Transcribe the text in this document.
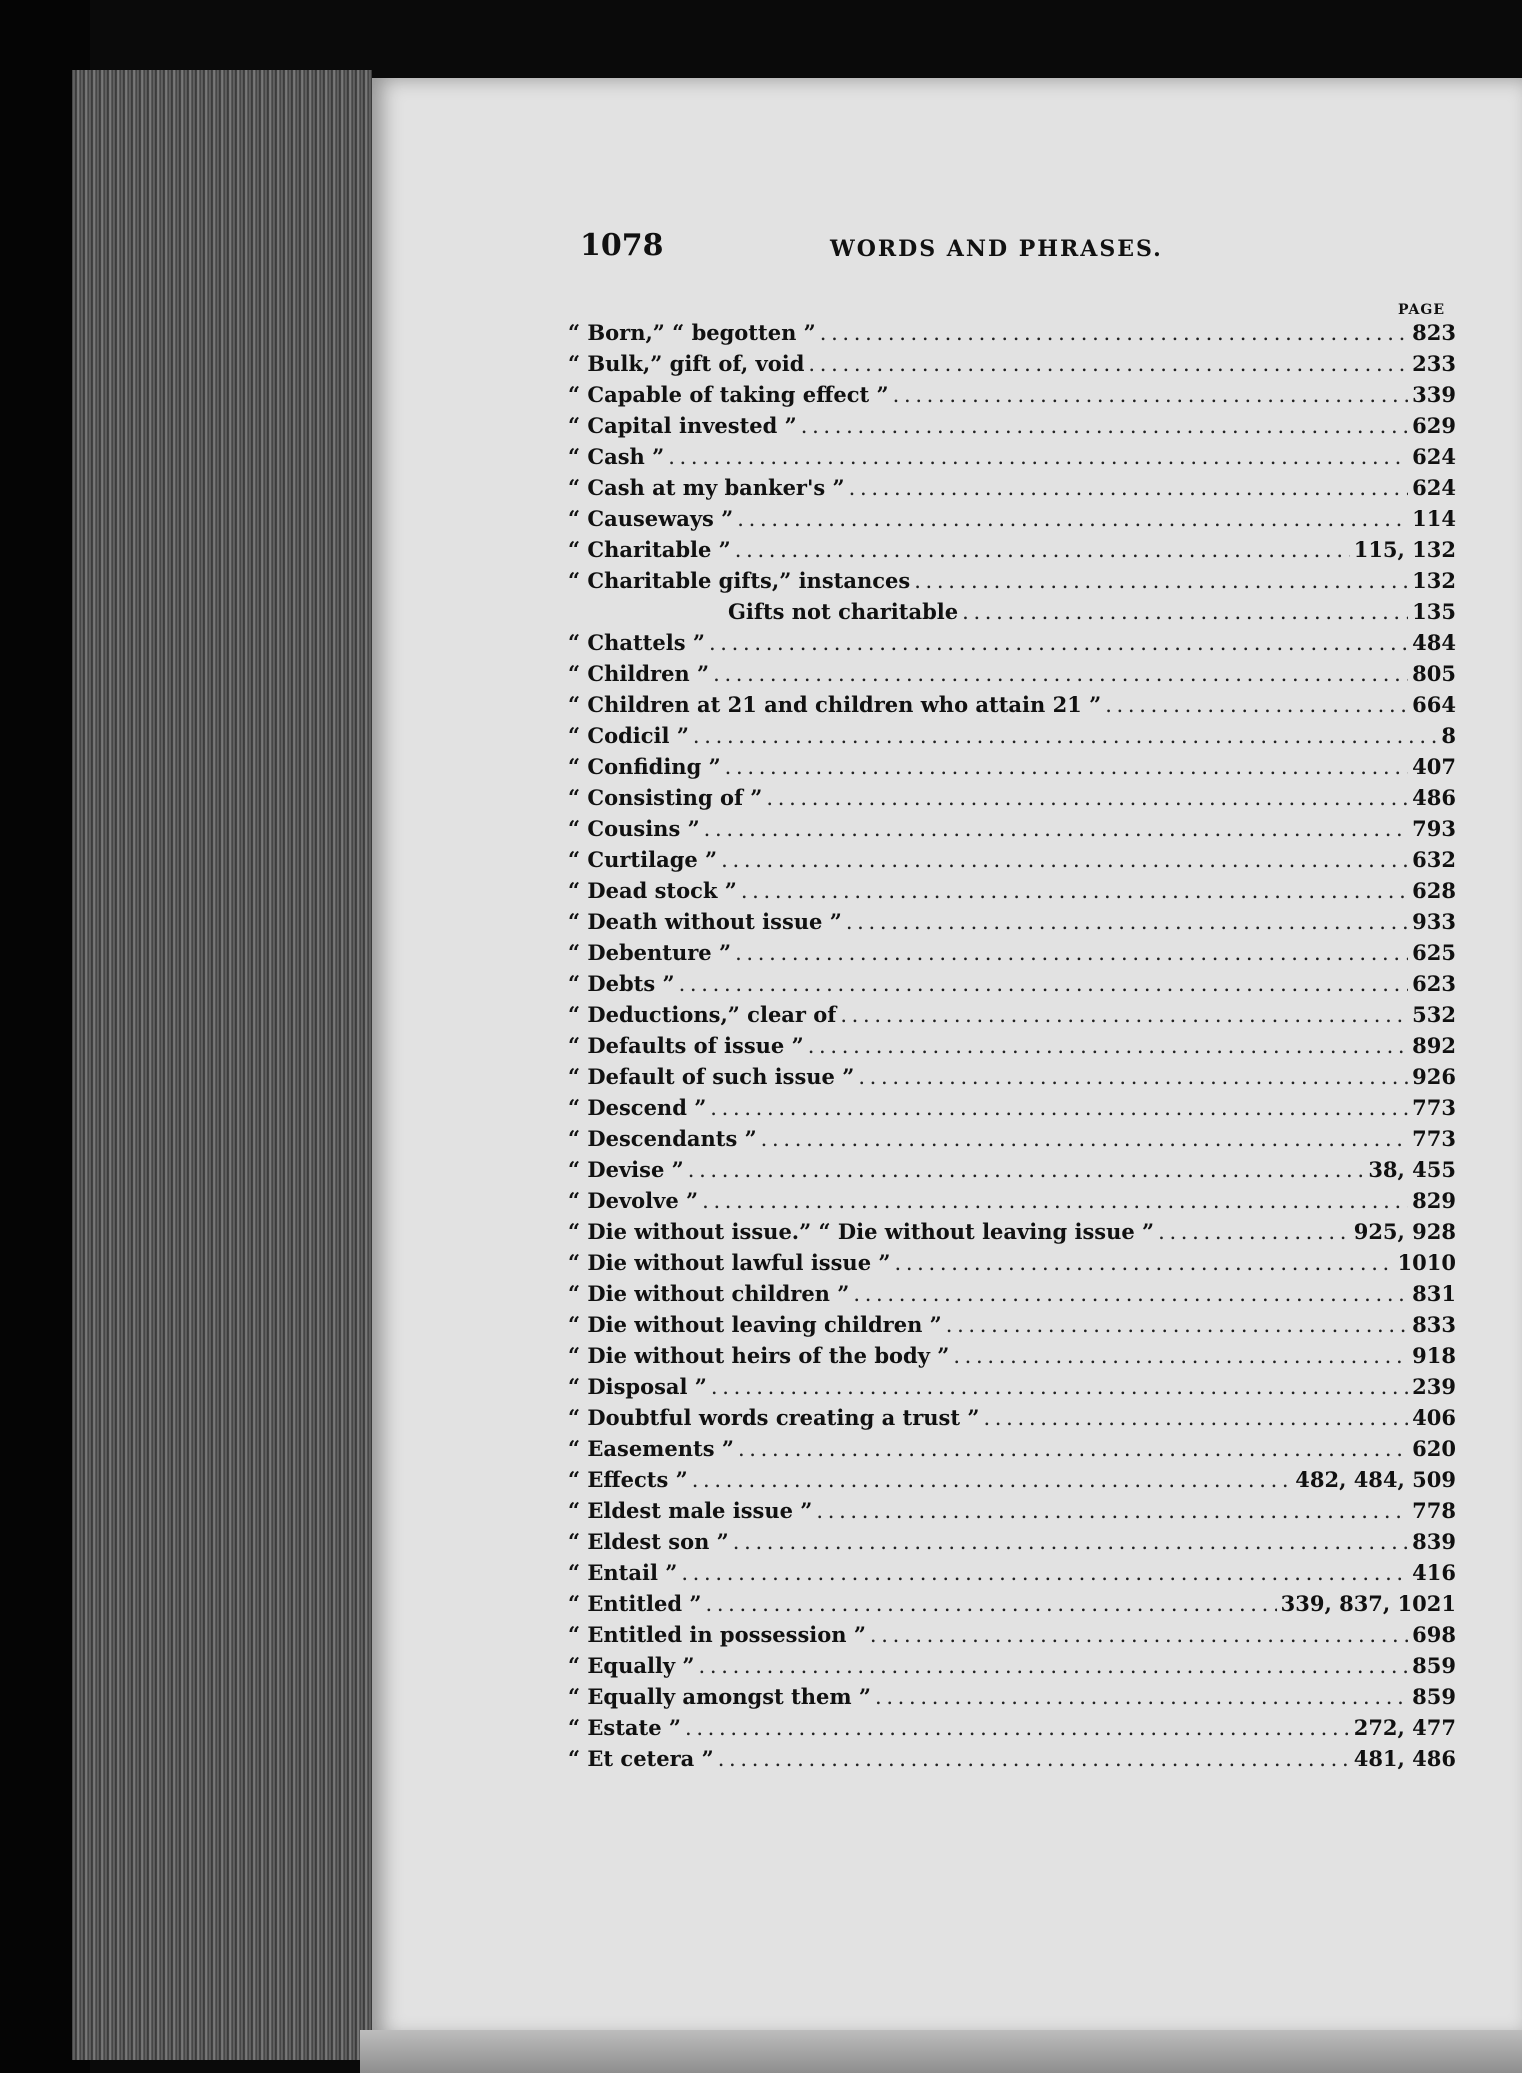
1078	WORDS AND PHRASES.
PAGE
“ Born,” “ begotten ” . . .	823
“ Bulk,” gift of, void . . .	233
“ Capable of taking effect ” . . .	339
“ Capital invested ” . . .	629
“ Cash ” . . .	624
“ Cash at my banker's ” . . .	624
“ Causeways ” . . .	114
“ Charitable ” . . .	115, 132
“ Charitable gifts,” instances . . .	132
Gifts not charitable . . .	135
“ Chattels ” . . .	484
“ Children ” . . .	805
“ Children at 21 and children who attain 21 ” . . .	664
“ Codicil ” . . .	8
“ Confiding ” . . .	407
“ Consisting of ” . . .	486
“ Cousins ” . . .	793
“ Curtilage ” . . .	632
“ Dead stock ” . . .	628
“ Death without issue ” . . .	933
“ Debenture ” . . .	625
“ Debts ” . . .	623
“ Deductions,” clear of . . .	532
“ Defaults of issue ” . . .	892
“ Default of such issue ” . . .	926
“ Descend ” . . .	773
“ Descendants ” . . .	773
“ Devise ” . . .	38, 455
“ Devolve ” . . .	829
“ Die without issue.” “ Die without leaving issue ” . . .	925, 928
“ Die without lawful issue ” . . .	1010
“ Die without children ” . . .	831
“ Die without leaving children ” . . .	833
“ Die without heirs of the body ” . . .	918
“ Disposal ” . . .	239
“ Doubtful words creating a trust ” . . .	406
“ Easements ” . . .	620
“ Effects ” . . .	482, 484, 509
“ Eldest male issue ” . . .	778
“ Eldest son ” . . .	839
“ Entail ” . . .	416
“ Entitled ” . . .	339, 837, 1021
“ Entitled in possession ” . . .	698
“ Equally ” . . .	859
“ Equally amongst them ” . . .	859
“ Estate ” . . .	272, 477
“ Et cetera ” . . .	481, 486
